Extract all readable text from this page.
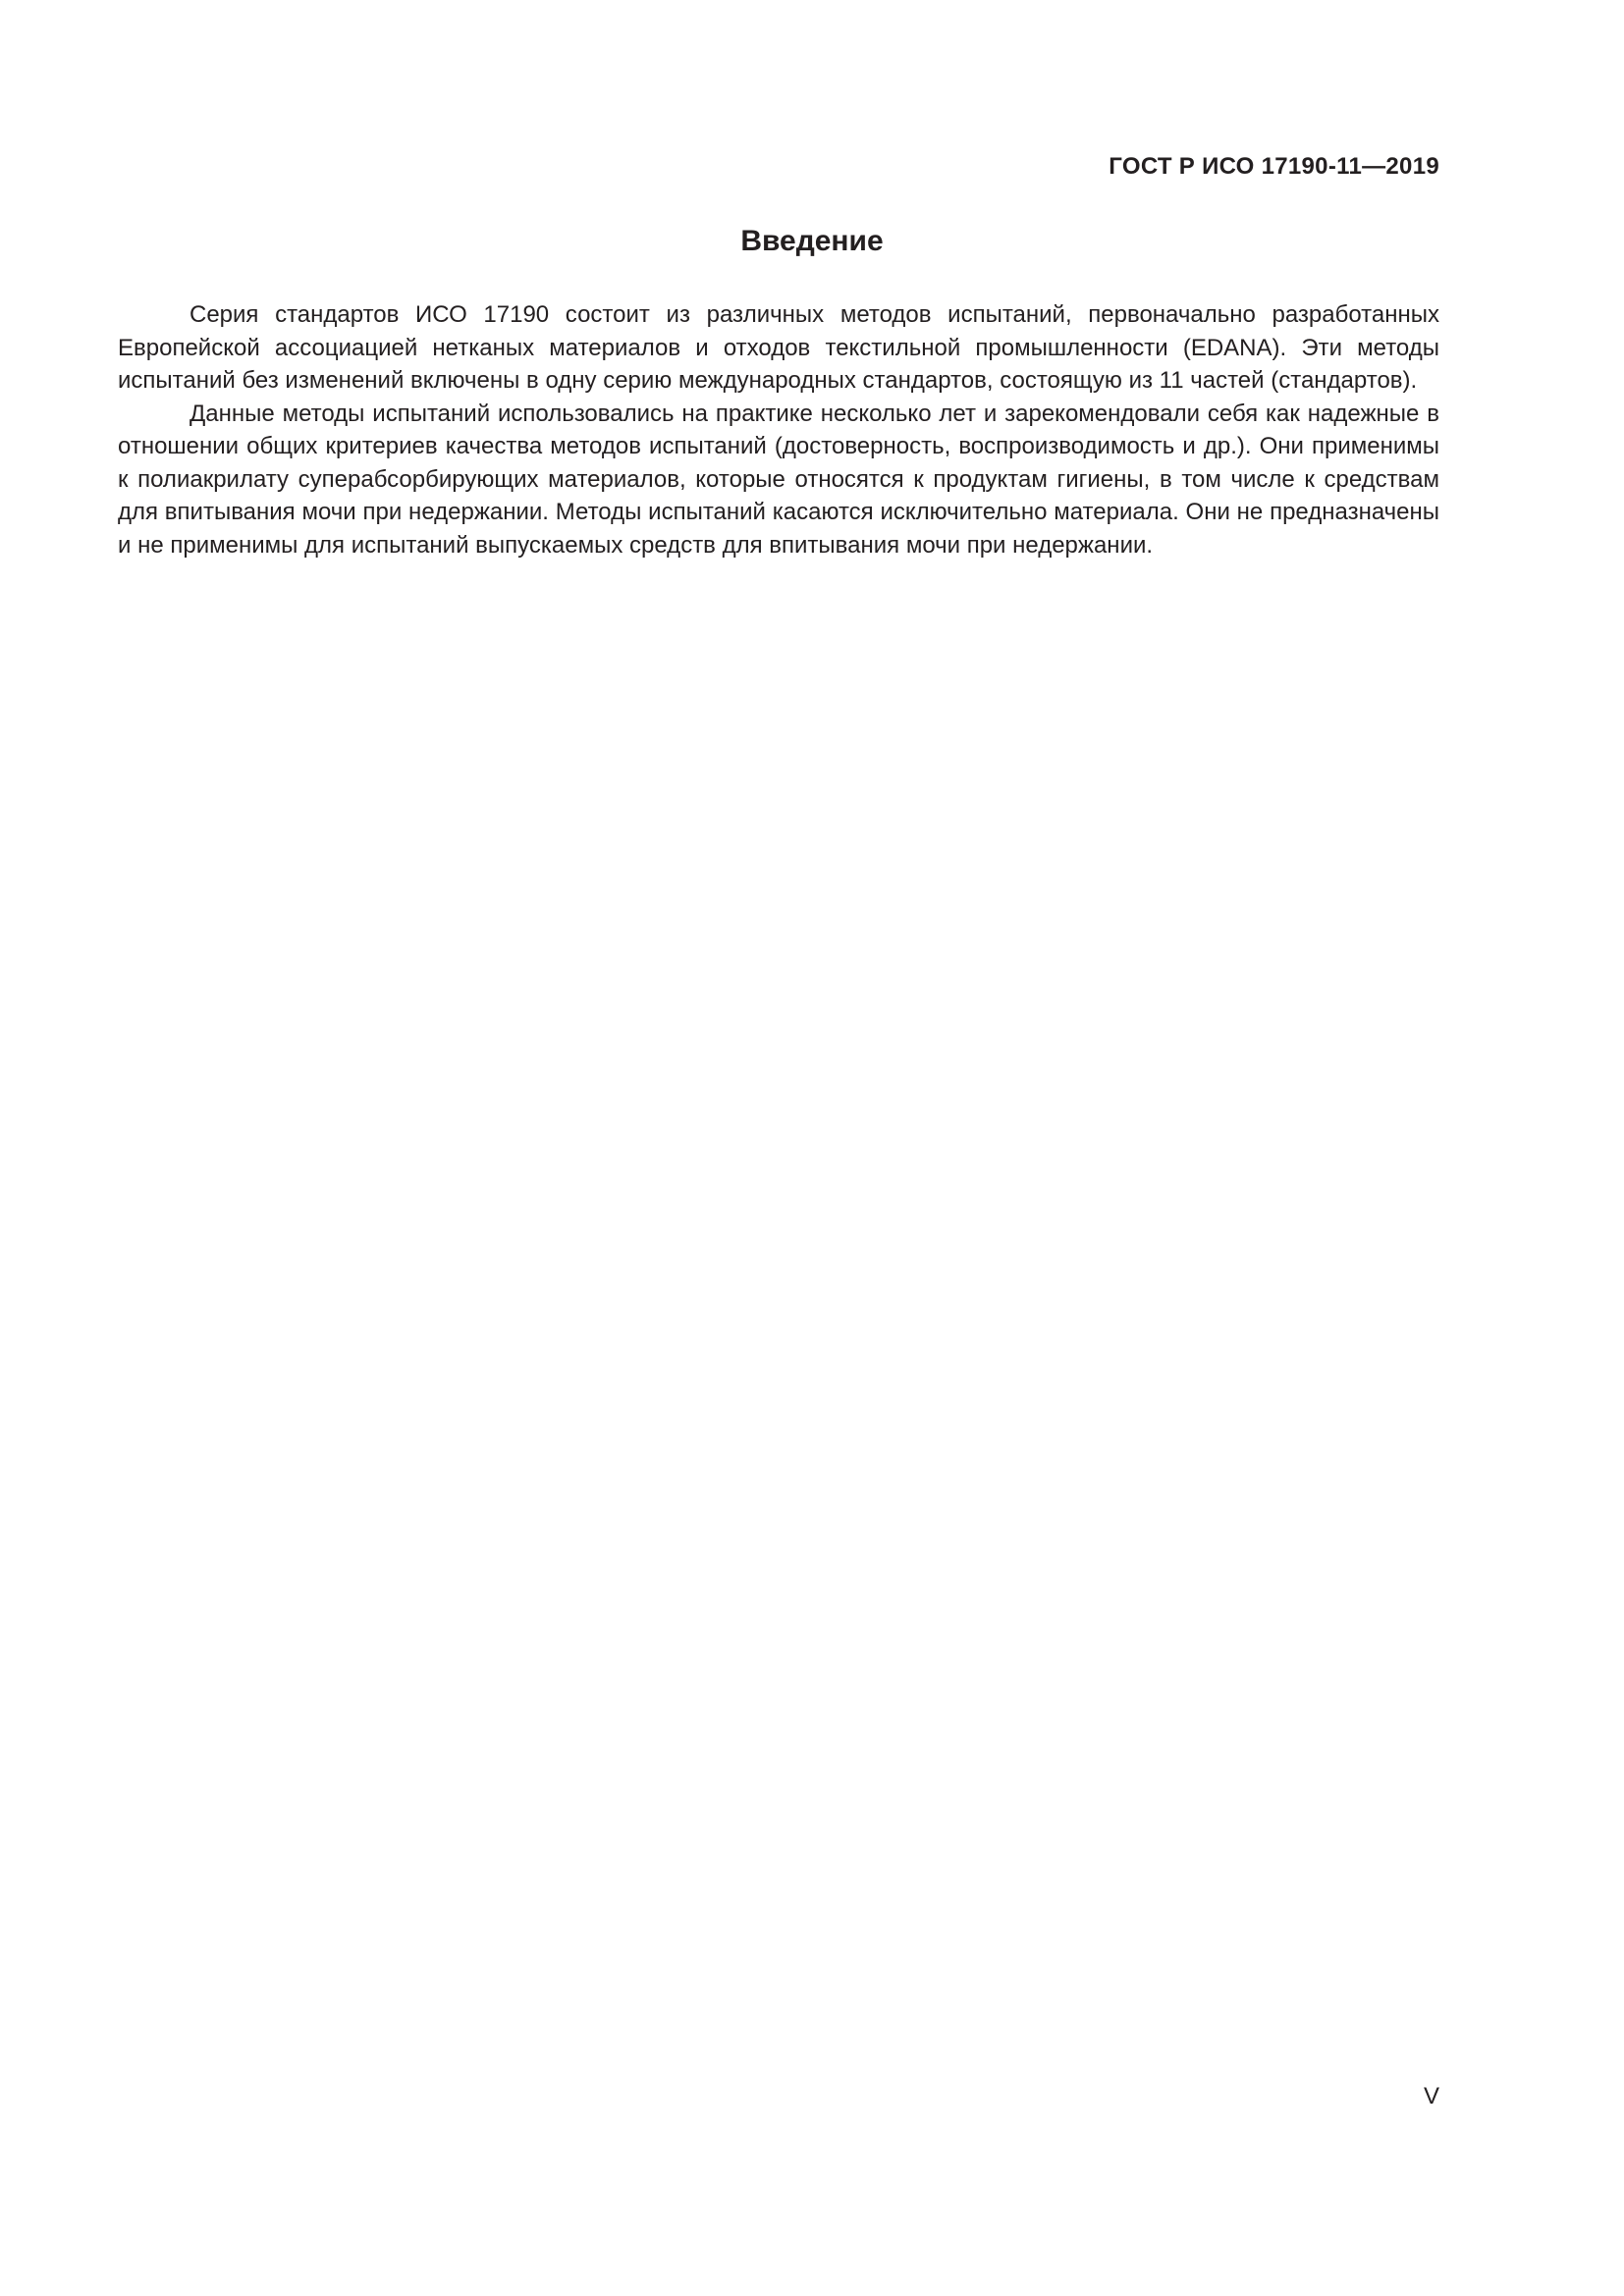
ГОСТ Р ИСО 17190-11—2019
Введение

Серия стандартов ИСО 17190 состоит из различных методов испытаний, первоначально разработанных Европейской ассоциацией нетканых материалов и отходов текстильной промышленности (EDANA). Эти методы испытаний без изменений включены в одну серию международных стандартов, состоящую из 11 частей (стандартов).

Данные методы испытаний использовались на практике несколько лет и зарекомендовали себя как надежные в отношении общих критериев качества методов испытаний (достоверность, воспроизводимость и др.). Они применимы к полиакрилату суперабсорбирующих материалов, которые относятся к продуктам гигиены, в том числе к средствам для впитывания мочи при недержании. Методы испытаний касаются исключительно материала. Они не предназначены и не применимы для испытаний выпускаемых средств для впитывания мочи при недержании.

V
